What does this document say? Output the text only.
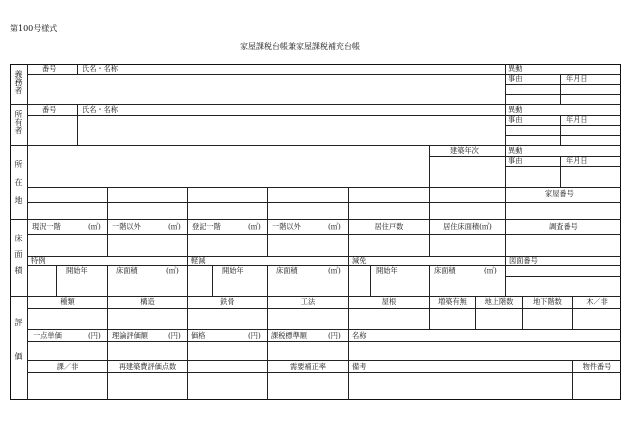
第100号様式
家屋課税台帳兼家屋課税補充台帳
義務者
所有者
所在地
床面積
評価
番号	氏名・名称	異動
事由	年月日
番号	氏名・名称	異動
事由	年月日
建築年次	異動
事由	年月日
家屋番号
現況一階	(㎡) 一階以外	(㎡) 登記一階	(㎡) 一階以外	(㎡)	居住戸数	居住床面積(㎡)	調査番号
特例	軽減	減免	図面番号
開始年	床面積	(㎡)	開始年	床面積	(㎡)	開始年	床面積	(㎡)
種類	構造	鉄骨	工法	屋根	増築有無	地上階数	地下階数	木／非
一点単価	(円) 理論評価額	(円) 価格	(円) 課税標準額	(円) 名称
課／非	再建築費評価点数	需要補正率	備考	物件番号
